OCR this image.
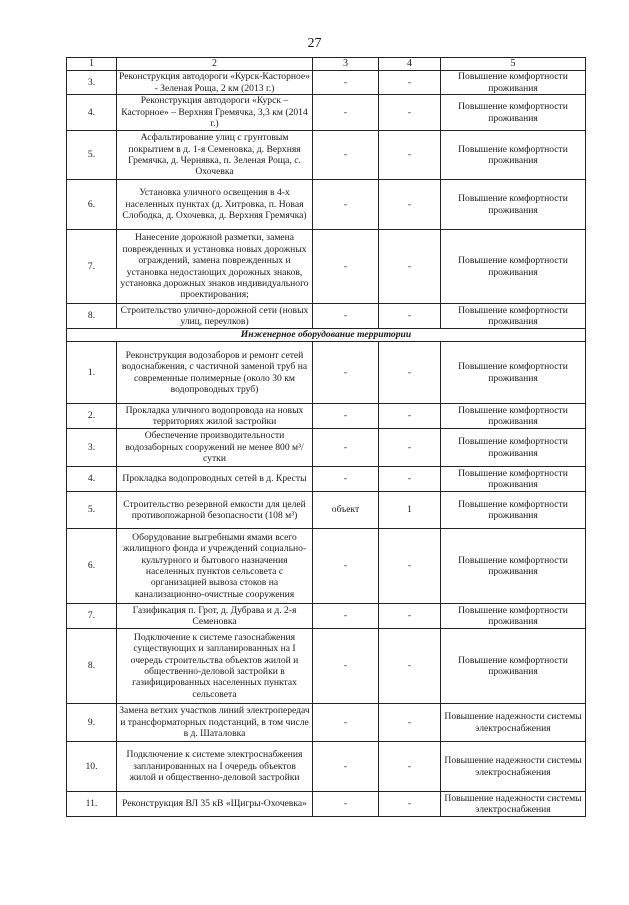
27
1	2	3	4	5
3.	Реконструкция автодороги «Курск-Касторное» - Зеленая Роща, 2 км (2013 г.)	-	-	Повышение комфортности проживания
4.	Реконструкция автодороги «Курск – Касторное» – Верхняя Гремячка, 3,3 км (2014 г.)	-	-	Повышение комфортности проживания
5.	Асфальтирование улиц с грунтовым покрытием в д. 1-я Семеновка, д. Верхняя Гремячка, д. Чернявка, п. Зеленая Роща, с. Охочевка	-	-	Повышение комфортности проживания
6.	Установка уличного освещения в 4-х населенных пунктах (д. Хитровка, п. Новая Слободка, д. Охочевка, д. Верхняя Гремячка)	-	-	Повышение комфортности проживания
7.	Нанесение дорожной разметки, замена поврежденных и установка новых дорожных ограждений, замена поврежденных и установка недостающих дорожных знаков, установка дорожных знаков индивидуального проектирования;	-	-	Повышение комфортности проживания
8.	Строительство улично-дорожной сети (новых улиц, переулков)	-	-	Повышение комфортности проживания
Инженерное оборудование территории				
1.	Реконструкция водозаборов и ремонт сетей водоснабжения, с частичной заменой труб на современные полимерные (около 30 км водопроводных труб)	-	-	Повышение комфортности проживания
2.	Прокладка уличного водопровода на новых территориях жилой застройки	-	-	Повышение комфортности проживания
3.	Обеспечение производительности водозаборных сооружений не менее 800 м³/сутки	-	-	Повышение комфортности проживания
4.	Прокладка водопроводных сетей в д. Кресты	-	-	Повышение комфортности проживания
5.	Строительство резервной емкости для целей противопожарной безопасности (108 м³)	объект	1	Повышение комфортности проживания
6.	Оборудование выгребными ямами всего жилищного фонда и учреждений социально-культурного и бытового назначения населенных пунктов сельсовета с организацией вывоза стоков на канализационно-очистные сооружения	-	-	Повышение комфортности проживания
7.	Газификация п. Грот, д. Дубрава и д. 2-я Семеновка	-	-	Повышение комфортности проживания
8.	Подключение к системе газоснабжения существующих и запланированных на I очередь строительства объектов жилой и общественно-деловой застройки в газифицированных населенных пунктах сельсовета	-	-	Повышение комфортности проживания
9.	Замена ветхих участков линий электропередач и трансформаторных подстанций, в том числе в д. Шаталовка	-	-	Повышение надежности системы электроснабжения
10.	Подключение к системе электроснабжения запланированных на I очередь объектов жилой и общественно-деловой застройки	-	-	Повышение надежности системы электроснабжения
11.	Реконструкция ВЛ 35 кВ «Щигры-Охочевка»	-	-	Повышение надежности системы электроснабжения
